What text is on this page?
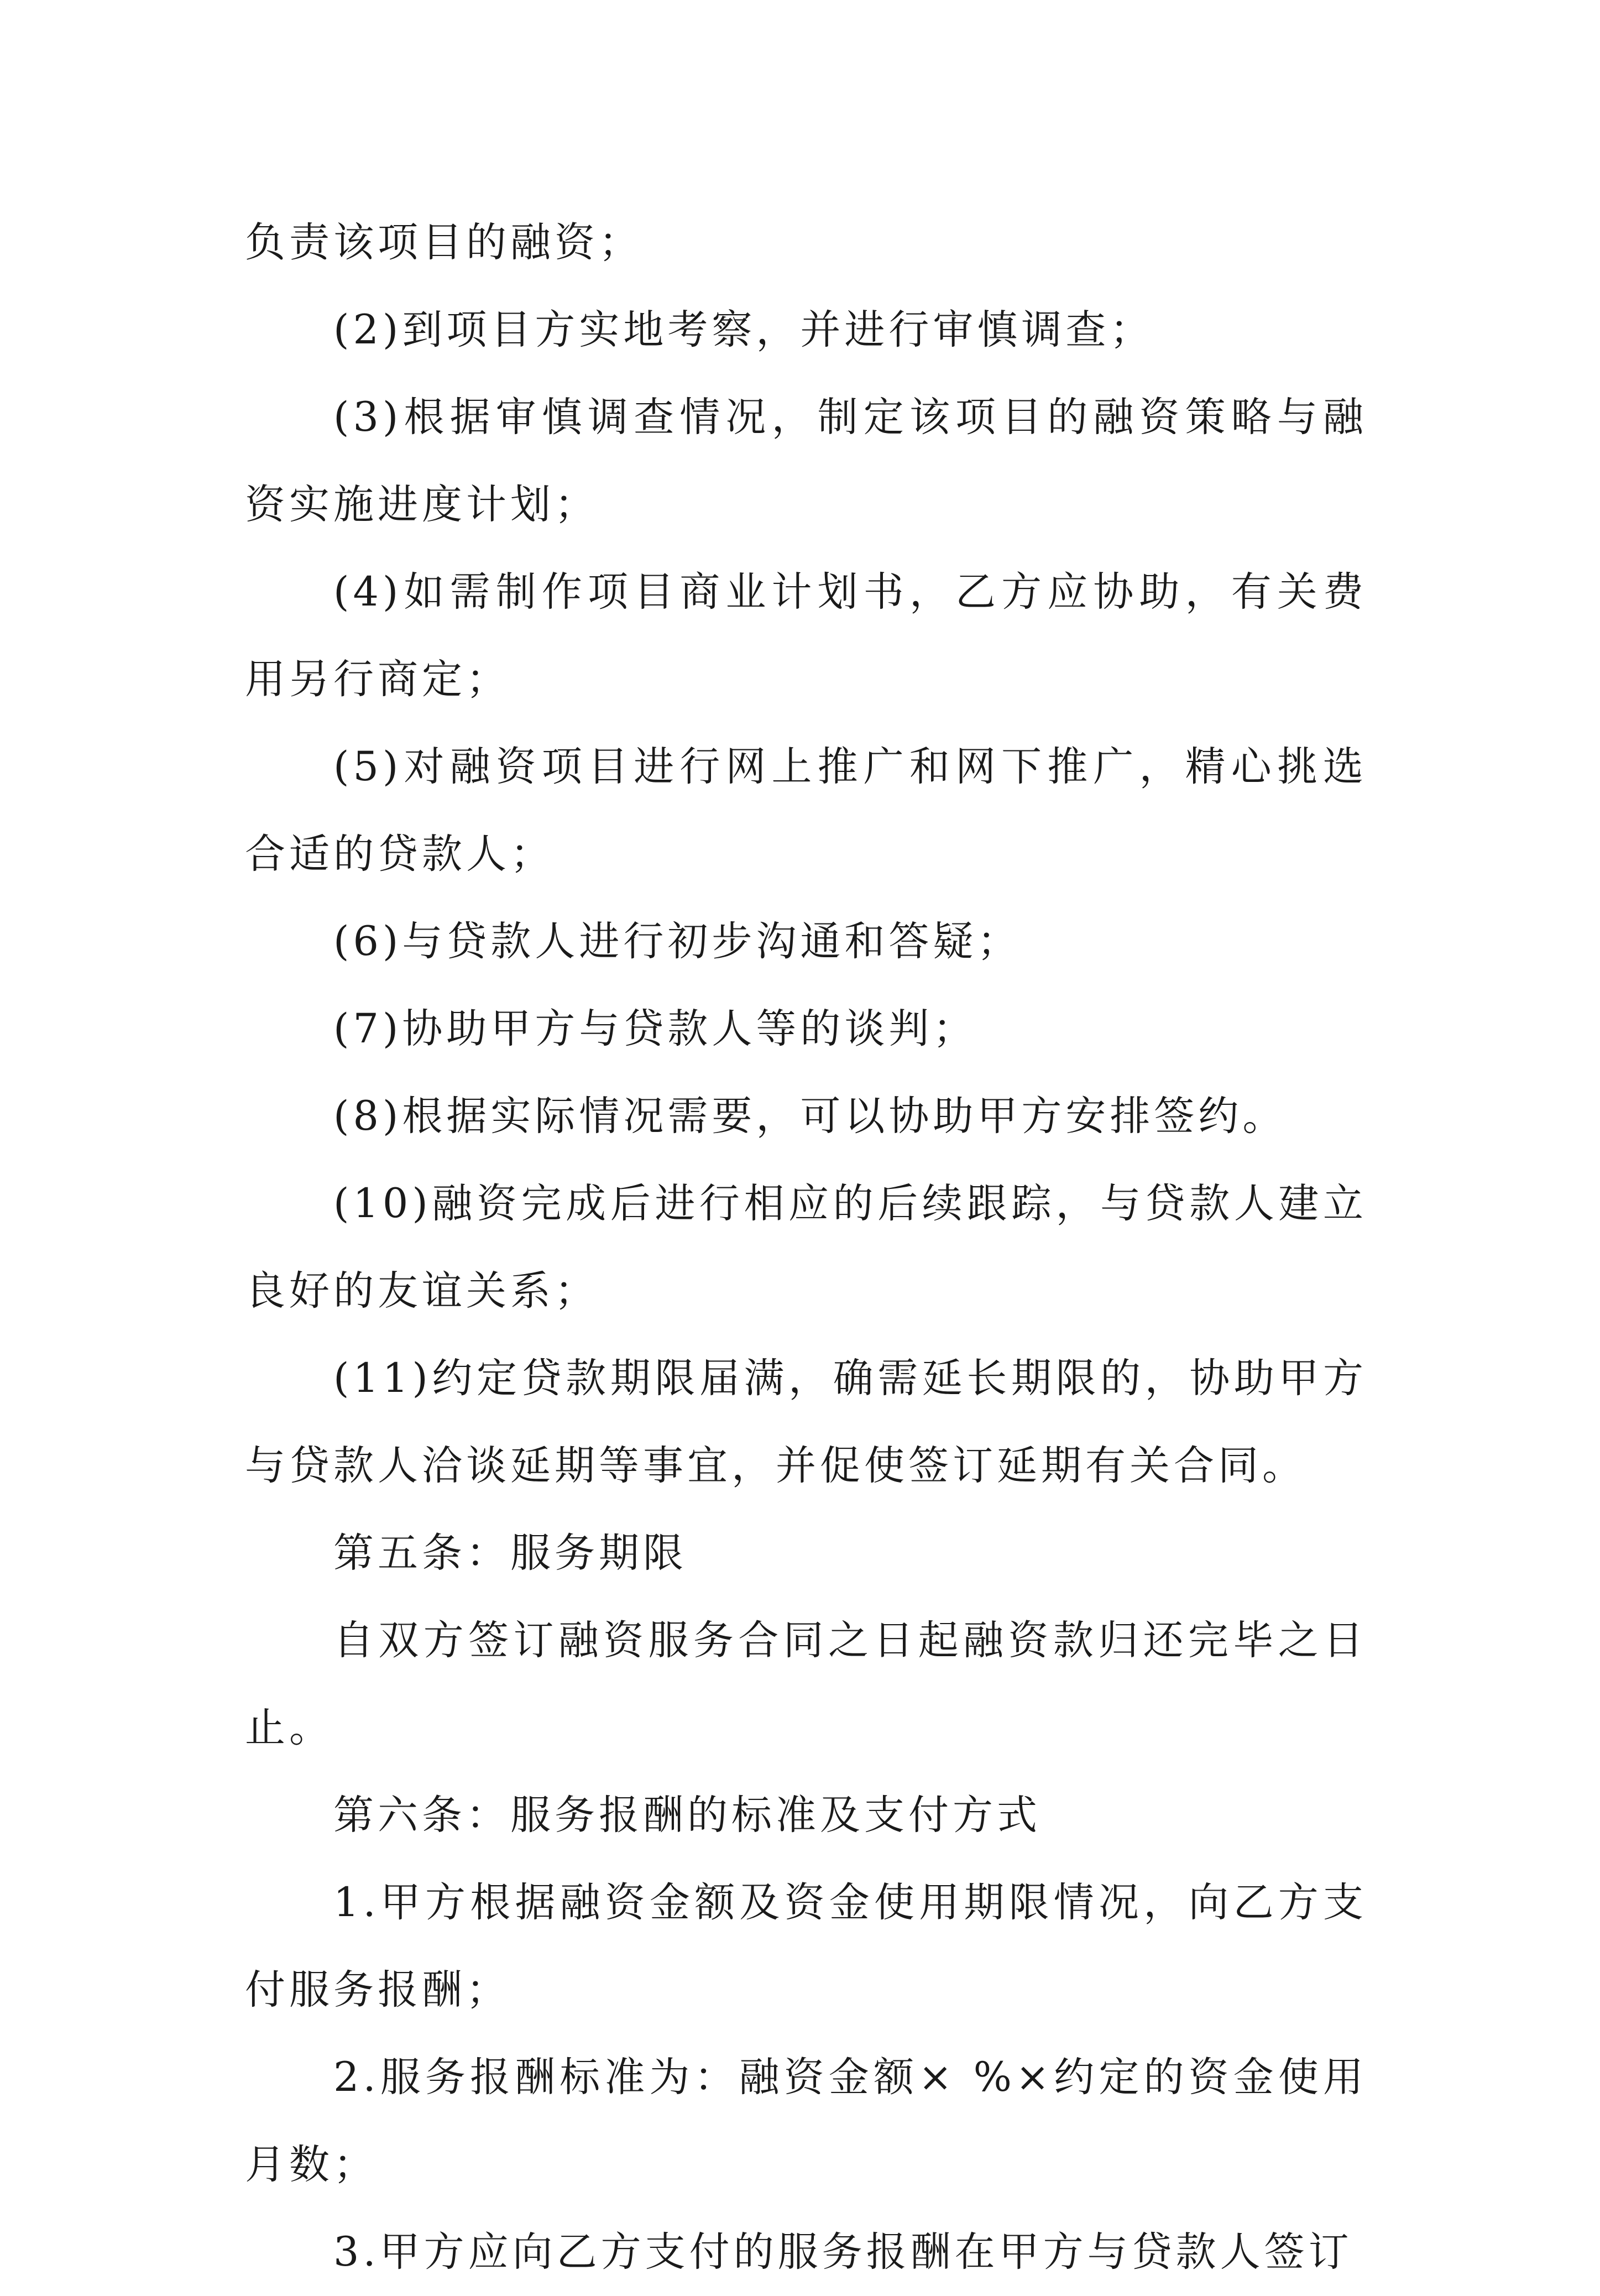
负责该项目的融资；

(2)到项目方实地考察，并进行审慎调查；

(3)根据审慎调查情况，制定该项目的融资策略与融资实施进度计划；

(4)如需制作项目商业计划书，乙方应协助，有关费用另行商定；

(5)对融资项目进行网上推广和网下推广，精心挑选合适的贷款人；

(6)与贷款人进行初步沟通和答疑；

(7)协助甲方与贷款人等的谈判；

(8)根据实际情况需要，可以协助甲方安排签约。

(10)融资完成后进行相应的后续跟踪，与贷款人建立良好的友谊关系；

(11)约定贷款期限届满，确需延长期限的，协助甲方与贷款人洽谈延期等事宜，并促使签订延期有关合同。

第五条：服务期限

自双方签订融资服务合同之日起融资款归还完毕之日止。

第六条：服务报酬的标准及支付方式

1.甲方根据融资金额及资金使用期限情况，向乙方支付服务报酬；

2.服务报酬标准为：融资金额× %×约定的资金使用月数；

3.甲方应向乙方支付的服务报酬在甲方与贷款人签订
